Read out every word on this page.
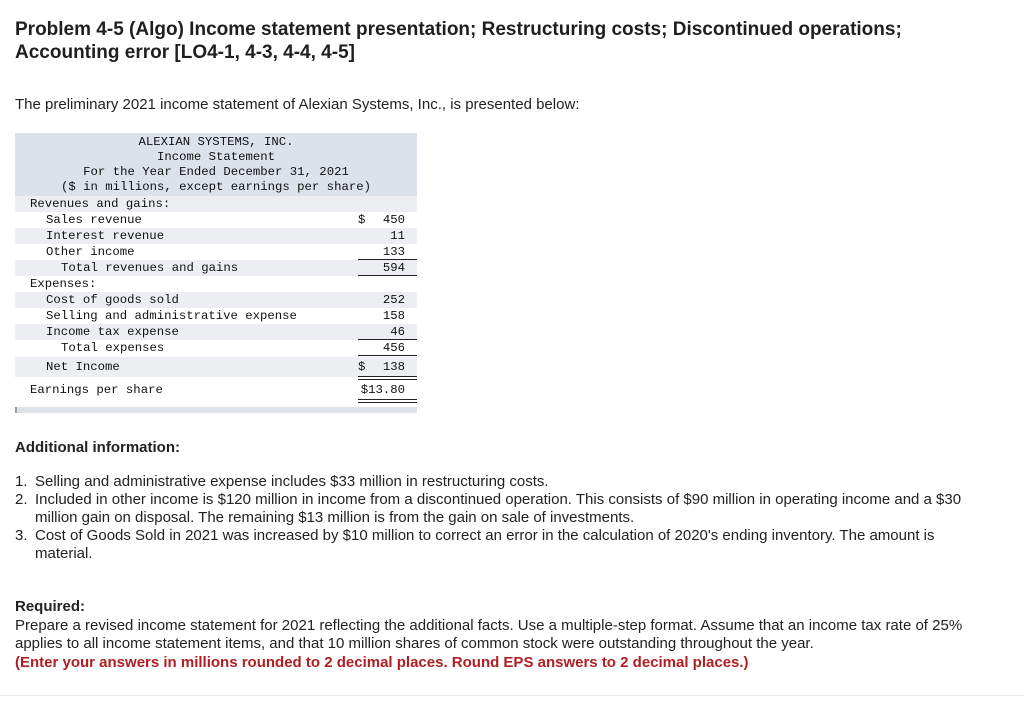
Problem 4-5 (Algo) Income statement presentation; Restructuring costs; Discontinued operations; Accounting error [LO4-1, 4-3, 4-4, 4-5]

The preliminary 2021 income statement of Alexian Systems, Inc., is presented below:

ALEXIAN SYSTEMS, INC.
Income Statement
For the Year Ended December 31, 2021
($ in millions, except earnings per share)
Revenues and gains:
Sales revenue	$ 450
Interest revenue	11
Other income	133
Total revenues and gains	594
Expenses:
Cost of goods sold	252
Selling and administrative expense	158
Income tax expense	46
Total expenses	456
Net Income	$ 138
Earnings per share	$13.80
Additional information:
1. Selling and administrative expense includes $33 million in restructuring costs.
2. Included in other income is $120 million in income from a discontinued operation. This consists of $90 million in operating income and a $30 million gain on disposal. The remaining $13 million is from the gain on sale of investments.
3. Cost of Goods Sold in 2021 was increased by $10 million to correct an error in the calculation of 2020's ending inventory. The amount is material.
Required:

Prepare a revised income statement for 2021 reflecting the additional facts. Use a multiple-step format. Assume that an income tax rate of 25% applies to all income statement items, and that 10 million shares of common stock were outstanding throughout the year.

(Enter your answers in millions rounded to 2 decimal places. Round EPS answers to 2 decimal places.)
